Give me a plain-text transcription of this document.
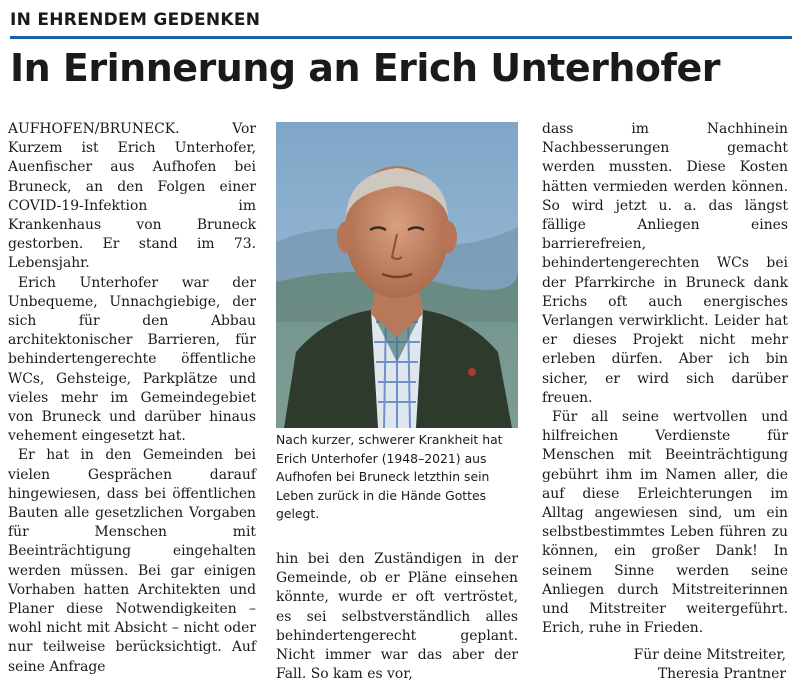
IN EHRENDEM GEDENKEN
In Erinnerung an Erich Unterhofer

AUFHOFEN/BRUNECK. Vor Kurzem ist Erich Unterhofer, Auenfischer aus Aufhofen bei Bruneck, an den Folgen einer COVID-19-Infektion im Krankenhaus von Bruneck gestorben. Er stand im 73. Lebensjahr.

Erich Unterhofer war der Unbequeme, Unnachgiebige, der sich für den Abbau architektonischer Barrieren, für behindertengerechte öffentliche WCs, Gehsteige, Parkplätze und vieles mehr im Gemeindegebiet von Bruneck und darüber hinaus vehement eingesetzt hat.

Er hat in den Gemeinden bei vielen Gesprächen darauf hingewiesen, dass bei öffentlichen Bauten alle gesetzlichen Vorgaben für Menschen mit Beeinträchtigung eingehalten werden müssen. Bei gar einigen Vorhaben hatten Architekten und Planer diese Notwendigkeiten – wohl nicht mit Absicht – nicht oder nur teilweise berücksichtigt. Auf seine Anfrage

Nach kurzer, schwerer Krankheit hat Erich Unterhofer (1948–2021) aus Aufhofen bei Bruneck letzthin sein Leben zurück in die Hände Gottes gelegt.

hin bei den Zuständigen in der Gemeinde, ob er Pläne einsehen könnte, wurde er oft vertröstet, es sei selbstverständlich alles behindertengerecht geplant. Nicht immer war das aber der Fall. So kam es vor,

dass im Nachhinein Nachbesserungen gemacht werden mussten. Diese Kosten hätten vermieden werden können. So wird jetzt u. a. das längst fällige Anliegen eines barrierefreien, behindertengerechten WCs bei der Pfarrkirche in Bruneck dank Erichs oft auch energisches Verlangen verwirklicht. Leider hat er dieses Projekt nicht mehr erleben dürfen. Aber ich bin sicher, er wird sich darüber freuen.

Für all seine wertvollen und hilfreichen Verdienste für Menschen mit Beeinträchtigung gebührt ihm im Namen aller, die auf diese Erleichterungen im Alltag angewiesen sind, um ein selbstbestimmtes Leben führen zu können, ein großer Dank! In seinem Sinne werden seine Anliegen durch Mitstreiterinnen und Mitstreiter weitergeführt. Erich, ruhe in Frieden.

Für deine Mitstreiter,
Theresia Prantner
